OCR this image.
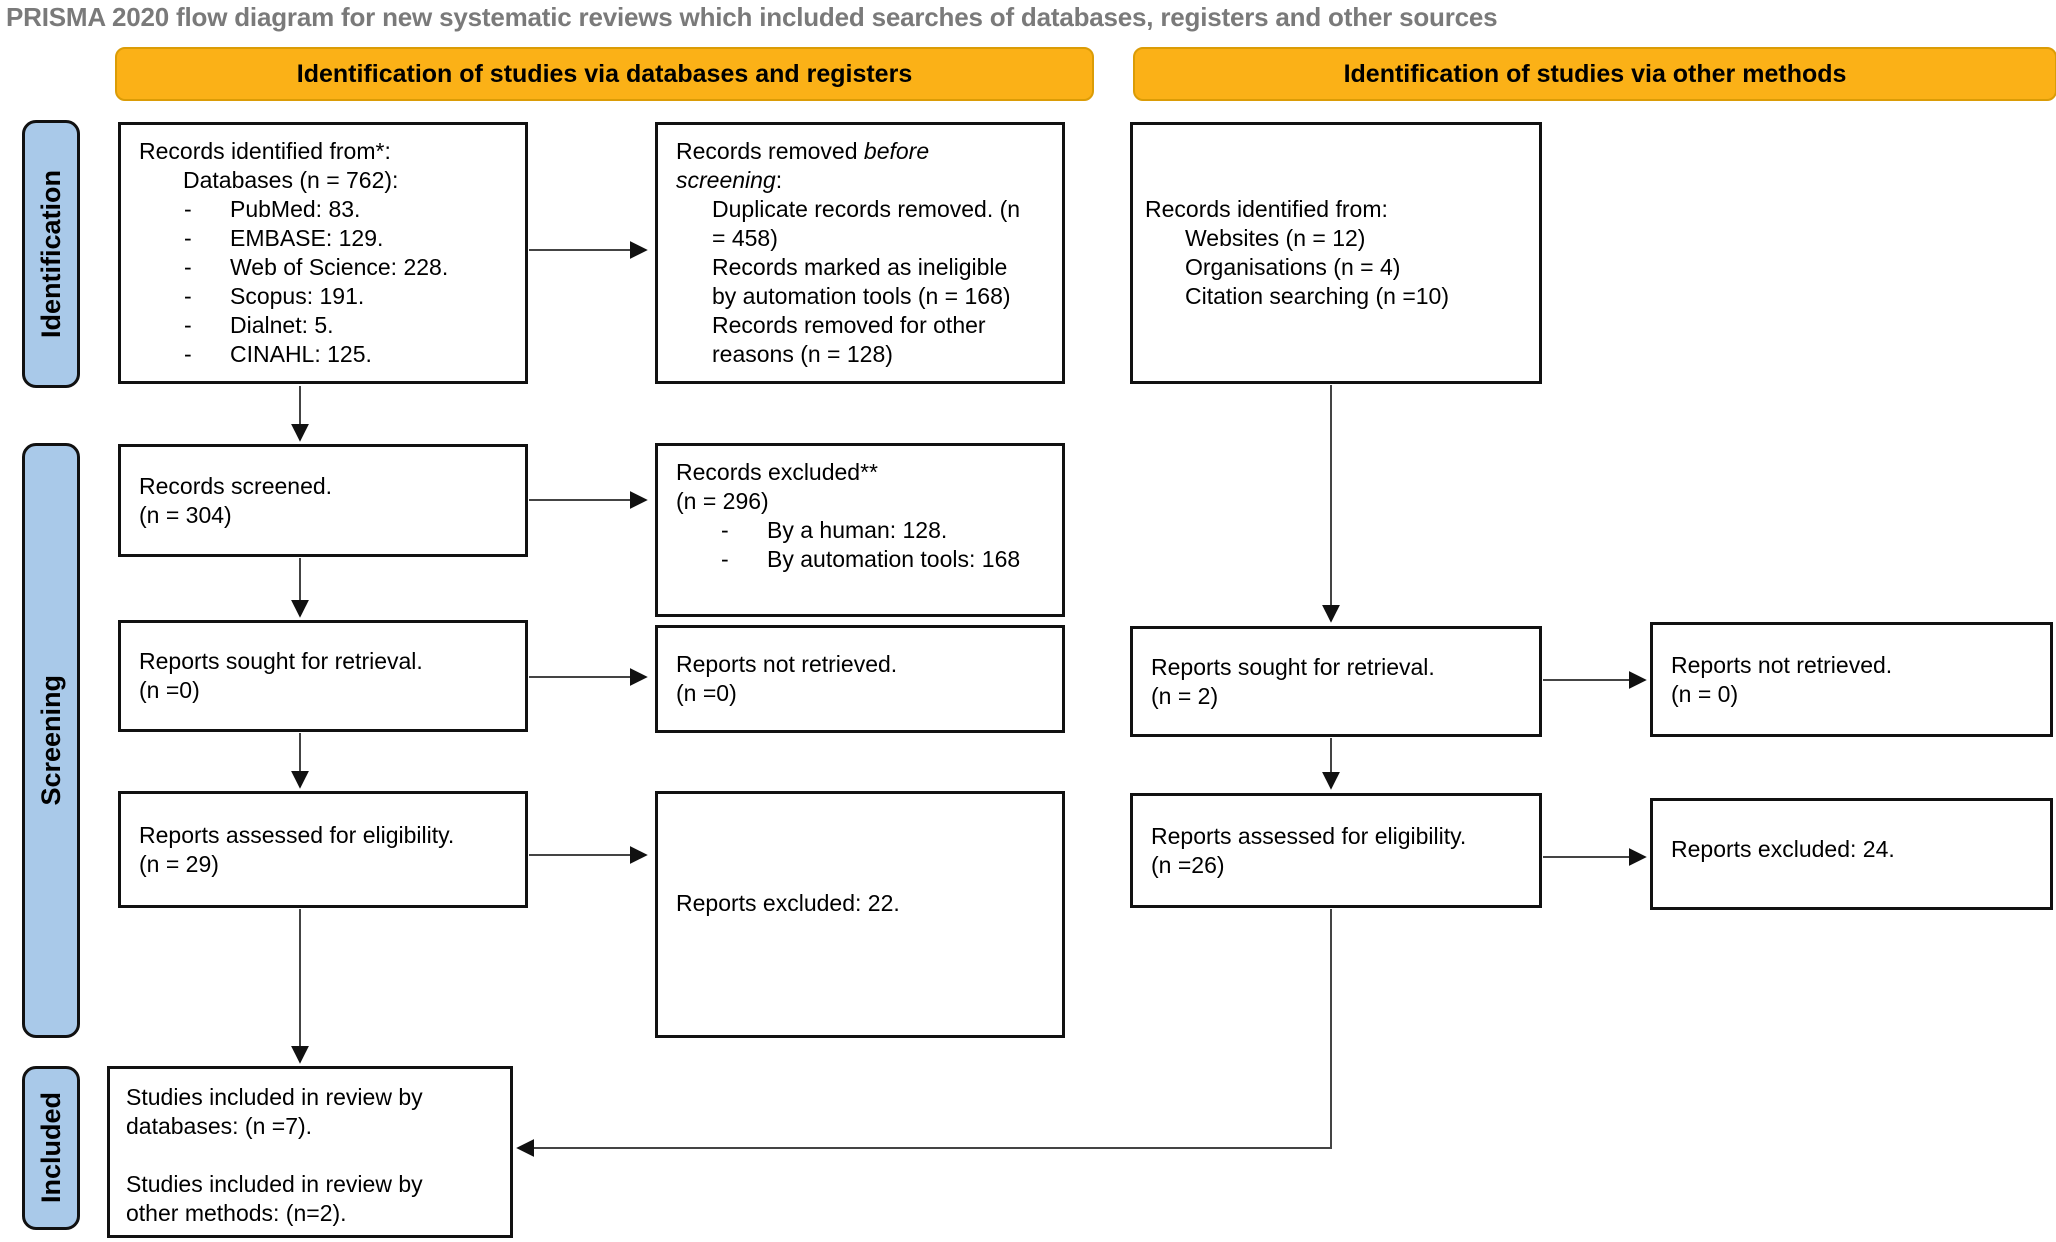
PRISMA 2020 flow diagram for new systematic reviews which included searches of databases, registers and other sources
Identification of studies via databases and registers	Identification of studies via other methods
Identification
Screening
Included
Records identified from*:
Databases (n = 762):
-	PubMed: 83.
-	EMBASE: 129.
-	Web of Science: 228.
-	Scopus: 191.
-	Dialnet: 5.
-	CINAHL: 125.
Records removed before screening:
Duplicate records removed. (n = 458)
Records marked as ineligible by automation tools (n = 168)
Records removed for other reasons (n = 128)
Records identified from:
Websites (n = 12)
Organisations (n = 4)
Citation searching (n =10)
Records screened.
(n = 304)
Records excluded**
(n = 296)
-	By a human: 128.
-	By automation tools: 168
Reports sought for retrieval.
(n =0)
Reports not retrieved.
(n =0)
Reports sought for retrieval.
(n = 2)
Reports not retrieved.
(n = 0)
Reports assessed for eligibility.
(n = 29)
Reports excluded: 22.
Reports assessed for eligibility.
(n =26)
Reports excluded: 24.
Studies included in review by databases: (n =7).
Studies included in review by other methods: (n=2).
